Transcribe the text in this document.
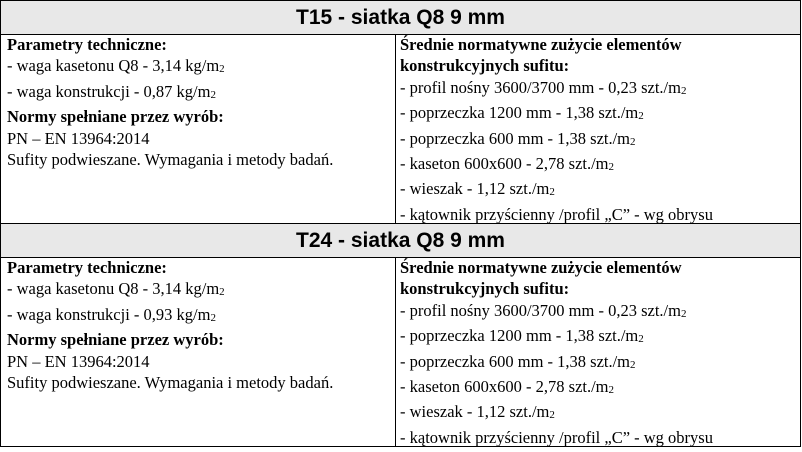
T15 - siatka Q8 9 mm
Parametry techniczne:
- waga kasetonu Q8 - 3,14 kg/m2
- waga konstrukcji - 0,87 kg/m2
Normy spełniane przez wyrób:
PN – EN 13964:2014
Sufity podwieszane. Wymagania i metody badań.
Średnie normatywne zużycie elementów
konstrukcyjnych sufitu:
- profil nośny 3600/3700 mm - 0,23 szt./m2
- poprzeczka 1200 mm - 1,38 szt./m2
- poprzeczka 600 mm - 1,38 szt./m2
- kaseton 600x600 - 2,78 szt./m2
- wieszak - 1,12 szt./m2
- kątownik przyścienny /profil „C” - wg obrysu
T24 - siatka Q8 9 mm
Parametry techniczne:
- waga kasetonu Q8 - 3,14 kg/m2
- waga konstrukcji - 0,93 kg/m2
Normy spełniane przez wyrób:
PN – EN 13964:2014
Sufity podwieszane. Wymagania i metody badań.
Średnie normatywne zużycie elementów
konstrukcyjnych sufitu:
- profil nośny 3600/3700 mm - 0,23 szt./m2
- poprzeczka 1200 mm - 1,38 szt./m2
- poprzeczka 600 mm - 1,38 szt./m2
- kaseton 600x600 - 2,78 szt./m2
- wieszak - 1,12 szt./m2
- kątownik przyścienny /profil „C” - wg obrysu
